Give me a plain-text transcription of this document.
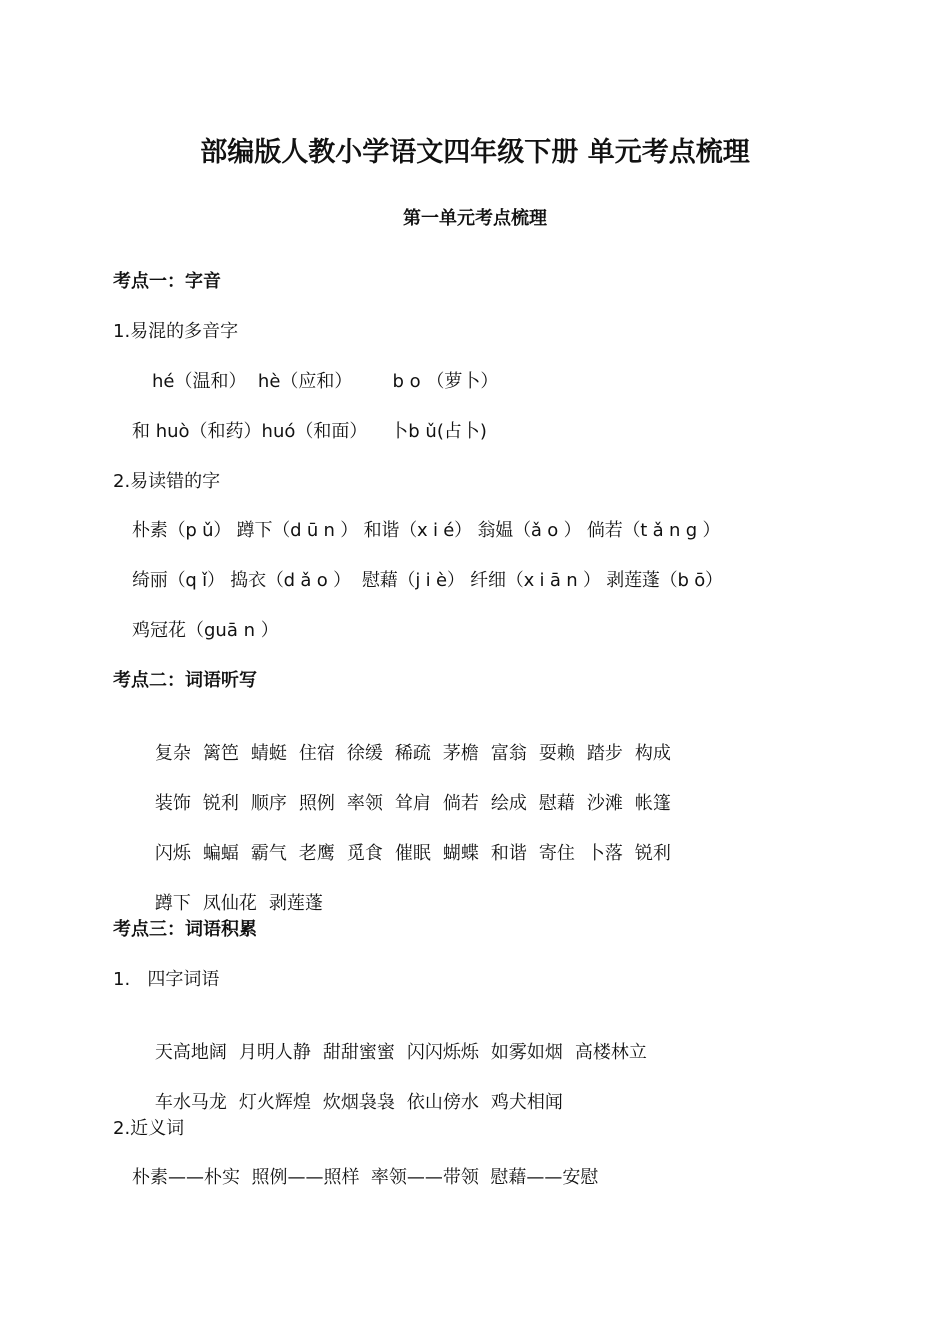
部编版人教小学语文四年级下册 单元考点梳理
第一单元考点梳理
考点一：字音
1.易混的多音字
hé（温和）  hè（应和）       b o （萝卜）
和 huò（和药）huó（和面）    卜b ǔ(占卜)
2.易读错的字
朴素（p ǔ） 蹲下（d ū n ） 和谐（x i é） 翁媪（ǎ o ） 倘若（t ǎ n g ）
绮丽（q ǐ） 捣衣（d ǎ o ）  慰藉（j i è） 纤细（x i ā n ） 剥莲蓬（b ō）
鸡冠花（guā n ）
考点二：词语听写

复杂 篱笆 蜻蜓 住宿 徐缓 稀疏 茅檐 富翁 耍赖 踏步 构成

装饰 锐利 顺序 照例 率领 耸肩 倘若 绘成 慰藉 沙滩 帐篷

闪烁 蝙蝠 霸气 老鹰 觅食 催眠 蝴蝶 和谐 寄住 卜落 锐利

蹲下 凤仙花 剥莲蓬

考点三：词语积累
1.   四字词语

天高地阔 月明人静 甜甜蜜蜜 闪闪烁烁 如雾如烟 高楼林立

车水马龙 灯火辉煌 炊烟袅袅 依山傍水 鸡犬相闻

2.近义词
朴素——朴实  照例——照样  率领——带领  慰藉——安慰
